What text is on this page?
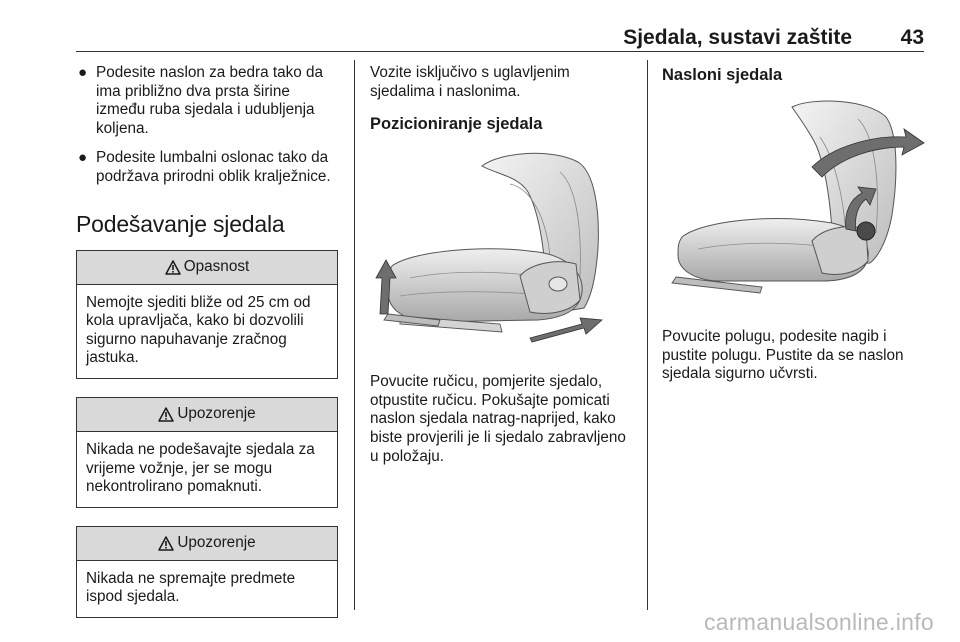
Sjedala, sustavi zaštite 43
● Podesite naslon za bedra tako da ima približno dva prsta širine između ruba sjedala i udubljenja koljena.
● Podesite lumbalni oslonac tako da podržava prirodni oblik kralježnice.
Podešavanje sjedala
Opasnost
Nemojte sjediti bliže od 25 cm od kola upravljača, kako bi dozvolili sigurno napuhavanje zračnog jastuka.
Upozorenje
Nikada ne podešavajte sjedala za vrijeme vožnje, jer se mogu nekontrolirano pomaknuti.
Upozorenje
Nikada ne spremajte predmete ispod sjedala.

Vozite isključivo s uglavljenim sjedalima i naslonima.

Pozicioniranje sjedala

Povucite ručicu, pomjerite sjedalo, otpustite ručicu. Pokušajte pomicati naslon sjedala natrag-naprijed, kako biste provjerili je li sjedalo zabravljeno u položaju.

Nasloni sjedala

Povucite polugu, podesite nagib i pustite polugu. Pustite da se naslon sjedala sigurno učvrsti.

carmanualsonline.info
